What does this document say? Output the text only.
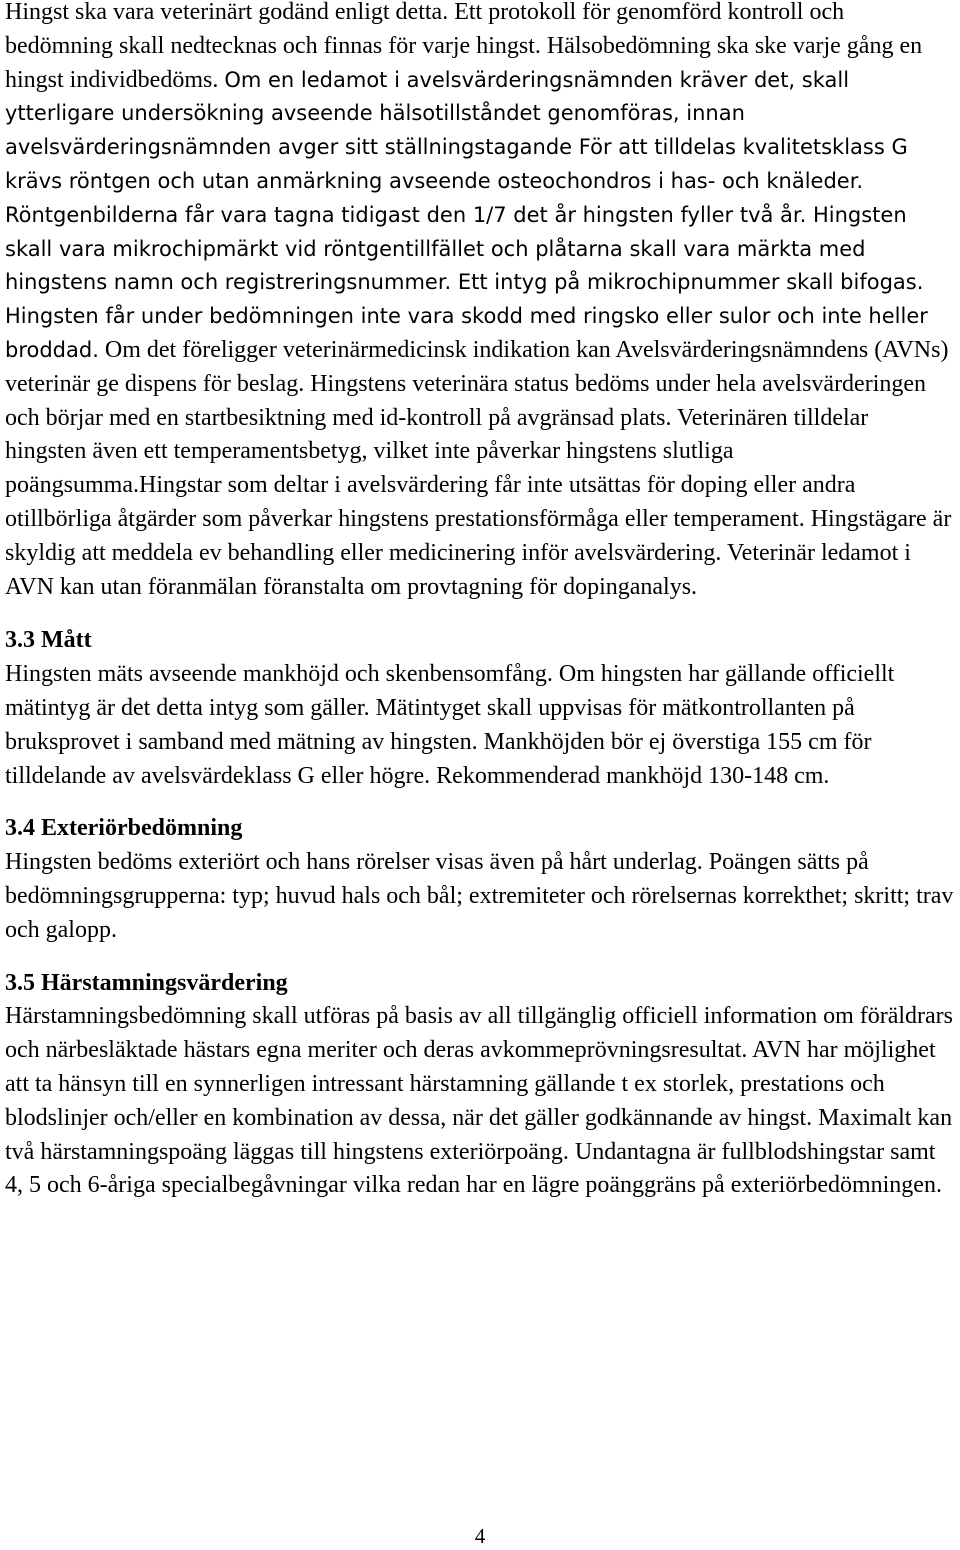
Hingst ska vara veterinärt godänd enligt detta. Ett protokoll för genomförd kontroll och bedömning skall nedtecknas och finnas för varje hingst. Hälsobedömning ska ske varje gång en hingst individbedöms. Om en ledamot i avelsvärderingsnämnden kräver det, skall ytterligare undersökning avseende hälsotillståndet genomföras, innan avelsvärderingsnämnden avger sitt ställningstagande För att tilldelas kvalitetsklass G krävs röntgen och utan anmärkning avseende osteochondros i has- och knäleder. Röntgenbilderna får vara tagna tidigast den 1/7 det år hingsten fyller två år. Hingsten skall vara mikrochipmärkt vid röntgentillfället och plåtarna skall vara märkta med hingstens namn och registreringsnummer. Ett intyg på mikrochipnummer skall bifogas. Hingsten får under bedömningen inte vara skodd med ringsko eller sulor och inte heller broddad. Om det föreligger veterinärmedicinsk indikation kan Avelsvärderingsnämndens (AVNs) veterinär ge dispens för beslag. Hingstens veterinära status bedöms under hela avelsvärderingen och börjar med en startbesiktning med id-kontroll på avgränsad plats. Veterinären tilldelar hingsten även ett temperamentsbetyg, vilket inte påverkar hingstens slutliga poängsumma.Hingstar som deltar i avelsvärdering får inte utsättas för doping eller andra otillbörliga åtgärder som påverkar hingstens prestationsförmåga eller temperament. Hingstägare är skyldig att meddela ev behandling eller medicinering inför avelsvärdering. Veterinär ledamot i AVN kan utan föranmälan föranstalta om provtagning för dopinganalys.

3.3 Mått

Hingsten mäts avseende mankhöjd och skenbensomfång. Om hingsten har gällande officiellt mätintyg är det detta intyg som gäller. Mätintyget skall uppvisas för mätkontrollanten på bruksprovet i samband med mätning av hingsten. Mankhöjden bör ej överstiga 155 cm för tilldelande av avelsvärdeklass G eller högre. Rekommenderad mankhöjd 130-148 cm.

3.4 Exteriörbedömning

Hingsten bedöms exteriört och hans rörelser visas även på hårt underlag. Poängen sätts på bedömningsgrupperna: typ; huvud hals och bål; extremiteter och rörelsernas korrekthet; skritt; trav och galopp.

3.5 Härstamningsvärdering

Härstamningsbedömning skall utföras på basis av all tillgänglig officiell information om föräldrars och närbesläktade hästars egna meriter och deras avkommeprövningsresultat. AVN har möjlighet att ta hänsyn till en synnerligen intressant härstamning gällande t ex storlek, prestations och blodslinjer och/eller en kombination av dessa, när det gäller godkännande av hingst. Maximalt kan två härstamningspoäng läggas till hingstens exteriörpoäng. Undantagna är fullblodshingstar samt 4, 5 och 6-åriga specialbegåvningar vilka redan har en lägre poänggräns på exteriörbedömningen.

4
